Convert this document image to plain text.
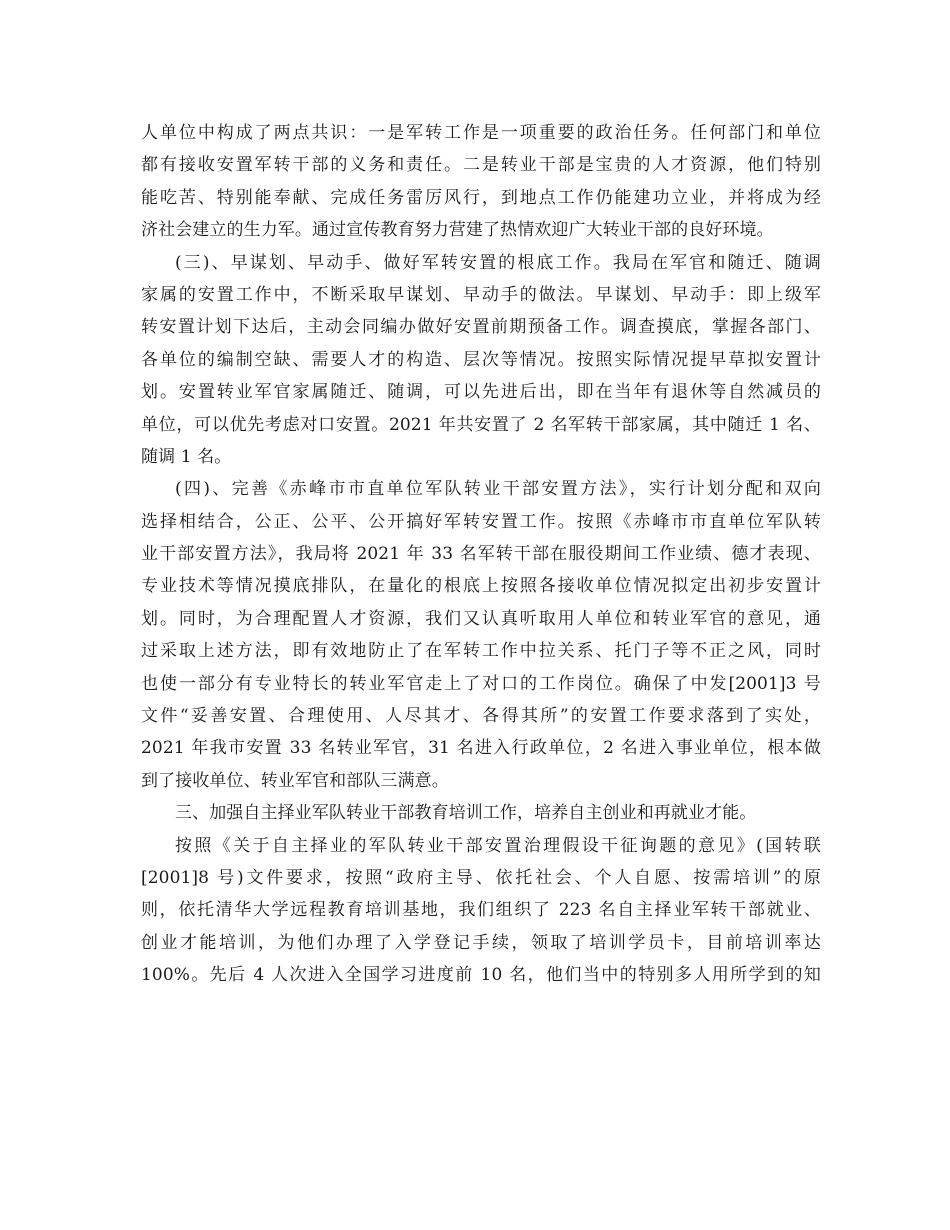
人单位中构成了两点共识：一是军转工作是一项重要的政治任务。任何部门和单位
都有接收安置军转干部的义务和责任。二是转业干部是宝贵的人才资源，他们特别
能吃苦、特别能奉献、完成任务雷厉风行，到地点工作仍能建功立业，并将成为经
济社会建立的生力军。通过宣传教育努力营建了热情欢迎广大转业干部的良好环境。
(三)、早谋划、早动手、做好军转安置的根底工作。我局在军官和随迁、随调
家属的安置工作中，不断采取早谋划、早动手的做法。早谋划、早动手：即上级军
转安置计划下达后，主动会同编办做好安置前期预备工作。调查摸底，掌握各部门、
各单位的编制空缺、需要人才的构造、层次等情况。按照实际情况提早草拟安置计
划。安置转业军官家属随迁、随调，可以先进后出，即在当年有退休等自然减员的
单位，可以优先考虑对口安置。2021 年共安置了 2 名军转干部家属，其中随迁 1 名、
随调 1 名。
(四)、完善《赤峰市市直单位军队转业干部安置方法》，实行计划分配和双向
选择相结合，公正、公平、公开搞好军转安置工作。按照《赤峰市市直单位军队转
业干部安置方法》，我局将 2021 年 33 名军转干部在服役期间工作业绩、德才表现、
专业技术等情况摸底排队，在量化的根底上按照各接收单位情况拟定出初步安置计
划。同时，为合理配置人才资源，我们又认真听取用人单位和转业军官的意见，通
过采取上述方法，即有效地防止了在军转工作中拉关系、托门子等不正之风，同时
也使一部分有专业特长的转业军官走上了对口的工作岗位。确保了中发[2001]3 号
文件“妥善安置、合理使用、人尽其才、各得其所”的安置工作要求落到了实处，
2021 年我市安置 33 名转业军官，31 名进入行政单位，2 名进入事业单位，根本做
到了接收单位、转业军官和部队三满意。
三、加强自主择业军队转业干部教育培训工作，培养自主创业和再就业才能。
按照《关于自主择业的军队转业干部安置治理假设干征询题的意见》(国转联
[2001]8 号)文件要求，按照“政府主导、依托社会、个人自愿、按需培训”的原
则，依托清华大学远程教育培训基地，我们组织了 223 名自主择业军转干部就业、
创业才能培训，为他们办理了入学登记手续，领取了培训学员卡，目前培训率达
100%。先后 4 人次进入全国学习进度前 10 名，他们当中的特别多人用所学到的知
